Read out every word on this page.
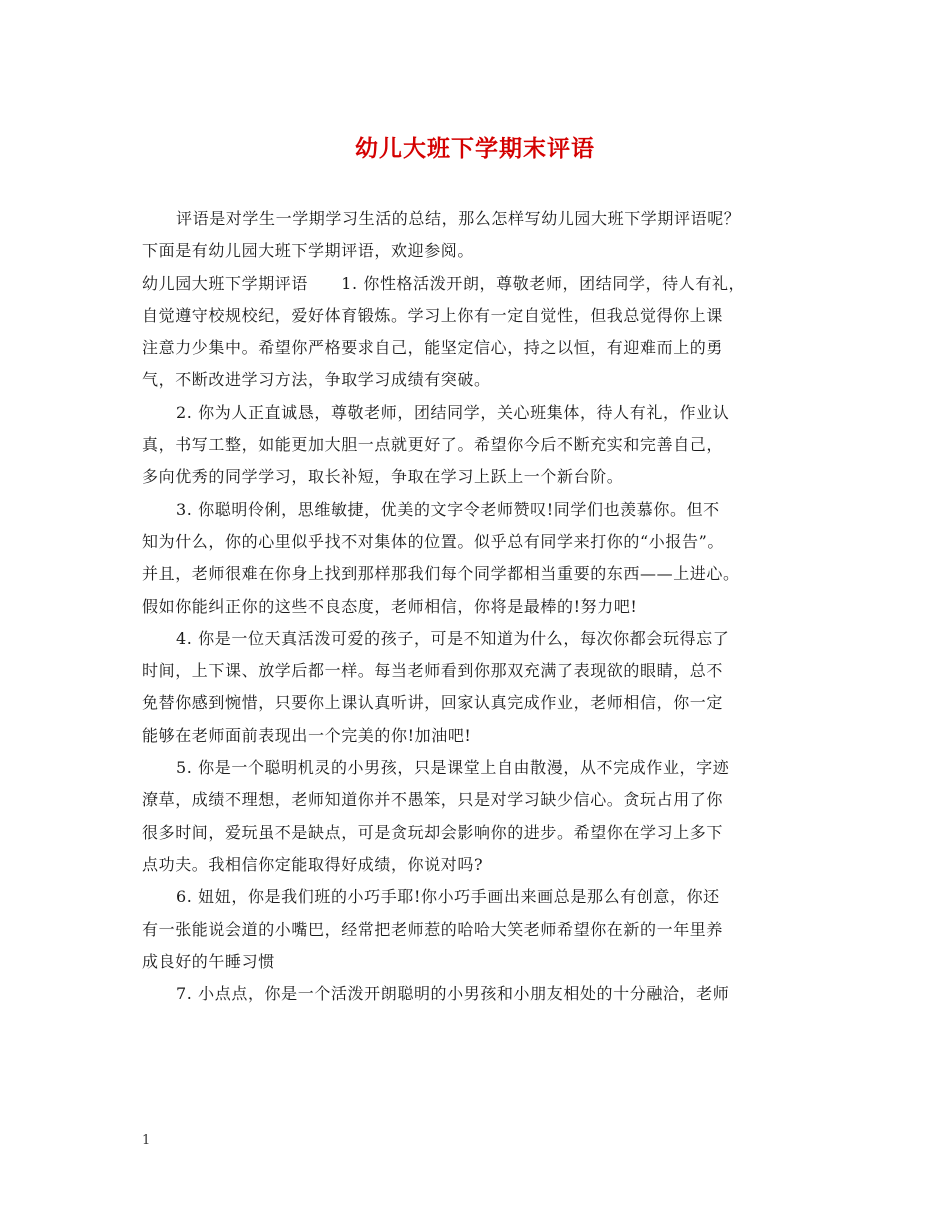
幼儿大班下学期末评语

评语是对学生一学期学习生活的总结，那么怎样写幼儿园大班下学期评语呢？

下面是有幼儿园大班下学期评语，欢迎参阅。

幼儿园大班下学期评语　　1. 你性格活泼开朗，尊敬老师，团结同学，待人有礼，
自觉遵守校规校纪，爱好体育锻炼。学习上你有一定自觉性，但我总觉得你上课
注意力少集中。希望你严格要求自己，能坚定信心，持之以恒，有迎难而上的勇
气，不断改进学习方法，争取学习成绩有突破。

2. 你为人正直诚恳，尊敬老师，团结同学，关心班集体，待人有礼，作业认

真，书写工整，如能更加大胆一点就更好了。希望你今后不断充实和完善自己，
多向优秀的同学学习，取长补短，争取在学习上跃上一个新台阶。

3. 你聪明伶俐，思维敏捷，优美的文字令老师赞叹!同学们也羡慕你。但不

知为什么，你的心里似乎找不对集体的位置。似乎总有同学来打你的“小报告”。
并且，老师很难在你身上找到那样那我们每个同学都相当重要的东西——上进心。
假如你能纠正你的这些不良态度，老师相信，你将是最棒的!努力吧!

4. 你是一位天真活泼可爱的孩子，可是不知道为什么，每次你都会玩得忘了

时间，上下课、放学后都一样。每当老师看到你那双充满了表现欲的眼睛，总不
免替你感到惋惜，只要你上课认真听讲，回家认真完成作业，老师相信，你一定
能够在老师面前表现出一个完美的你!加油吧!

5. 你是一个聪明机灵的小男孩，只是课堂上自由散漫，从不完成作业，字迹

潦草，成绩不理想，老师知道你并不愚笨，只是对学习缺少信心。贪玩占用了你
很多时间，爱玩虽不是缺点，可是贪玩却会影响你的进步。希望你在学习上多下
点功夫。我相信你定能取得好成绩，你说对吗?

6. 妞妞，你是我们班的小巧手耶!你小巧手画出来画总是那么有创意，你还

有一张能说会道的小嘴巴，经常把老师惹的哈哈大笑老师希望你在新的一年里养
成良好的午睡习惯

7. 小点点，你是一个活泼开朗聪明的小男孩和小朋友相处的十分融洽，老师

1
